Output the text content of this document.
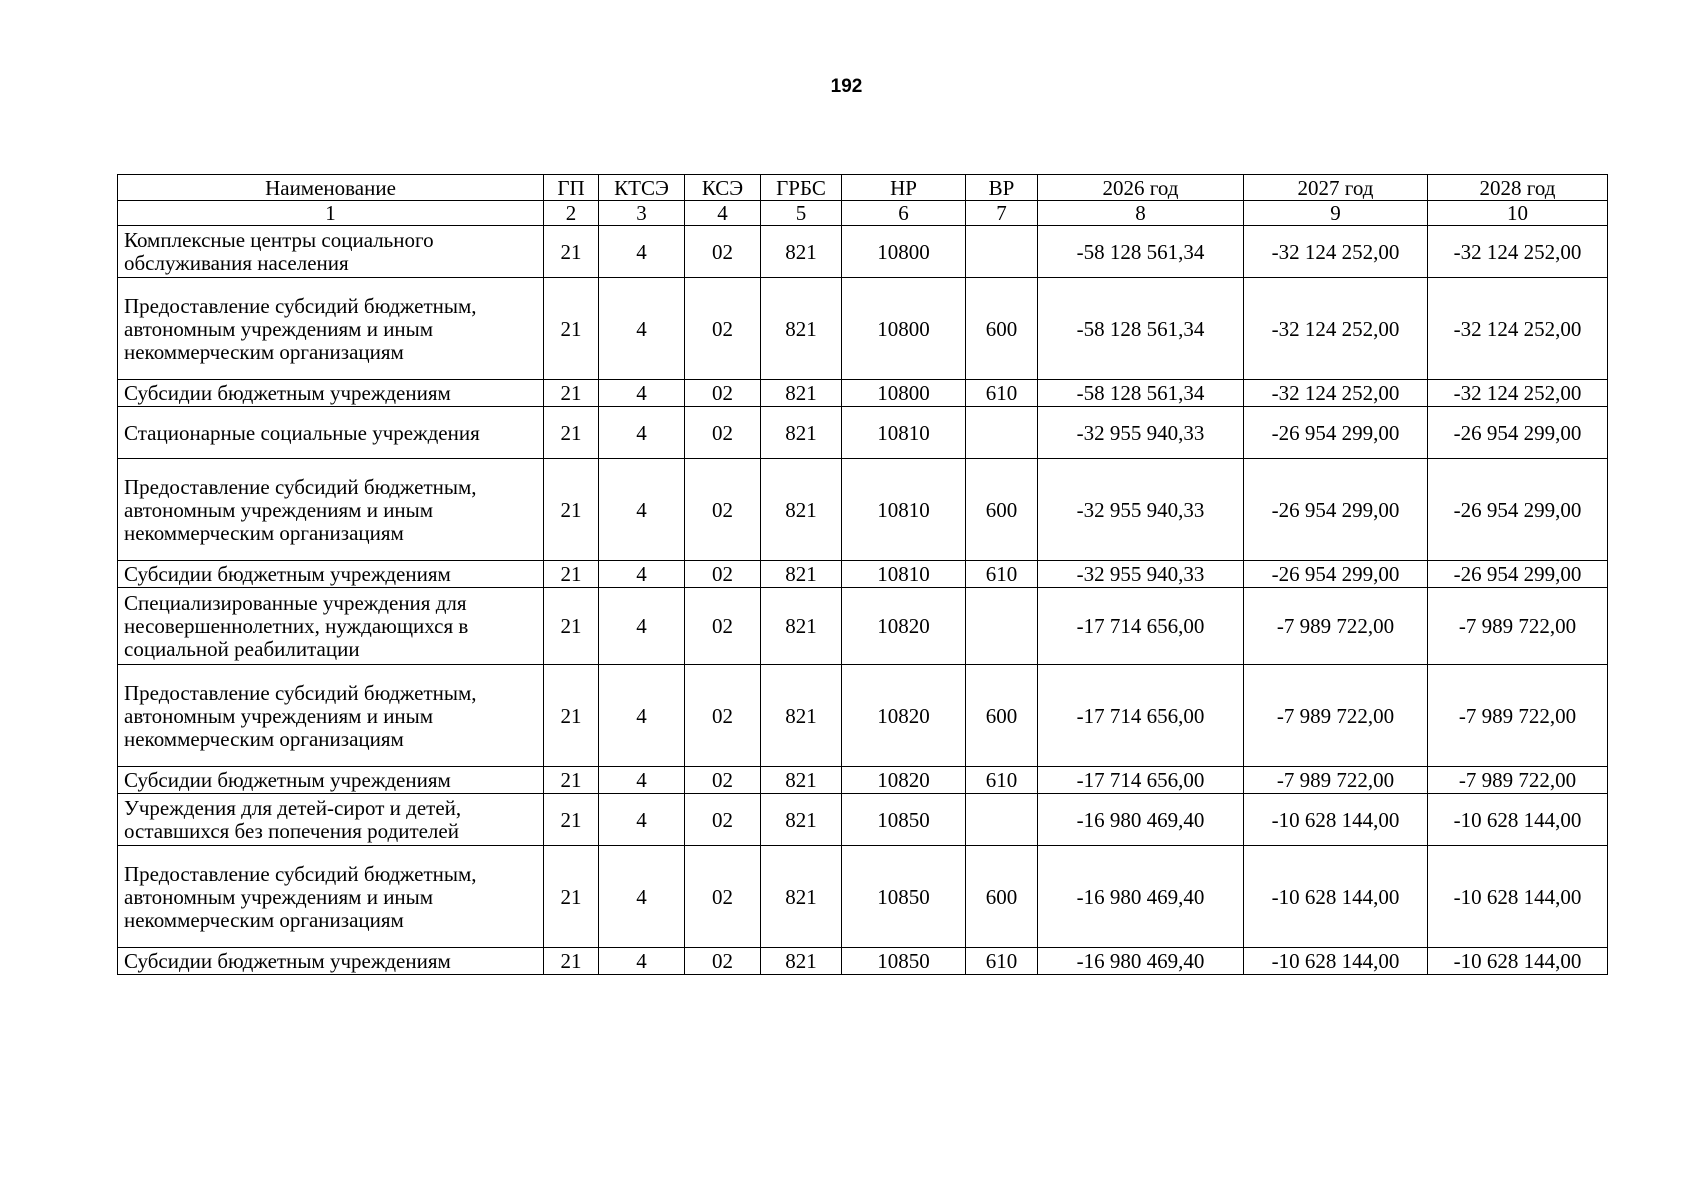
192
Наименование	ГП	КТСЭ	КСЭ	ГРБС	НР	ВР	2026 год	2027 год	2028 год
1	2	3	4	5	6	7	8	9	10
Комплексные центры социального обслуживания населения	21	4	02	821	10800		-58 128 561,34	-32 124 252,00	-32 124 252,00
Предоставление субсидий бюджетным, автономным учреждениям и иным некоммерческим организациям	21	4	02	821	10800	600	-58 128 561,34	-32 124 252,00	-32 124 252,00
Субсидии бюджетным учреждениям	21	4	02	821	10800	610	-58 128 561,34	-32 124 252,00	-32 124 252,00
Стационарные социальные учреждения	21	4	02	821	10810		-32 955 940,33	-26 954 299,00	-26 954 299,00
Предоставление субсидий бюджетным, автономным учреждениям и иным некоммерческим организациям	21	4	02	821	10810	600	-32 955 940,33	-26 954 299,00	-26 954 299,00
Субсидии бюджетным учреждениям	21	4	02	821	10810	610	-32 955 940,33	-26 954 299,00	-26 954 299,00
Специализированные учреждения для несовершеннолетних, нуждающихся в социальной реабилитации	21	4	02	821	10820		-17 714 656,00	-7 989 722,00	-7 989 722,00
Предоставление субсидий бюджетным, автономным учреждениям и иным некоммерческим организациям	21	4	02	821	10820	600	-17 714 656,00	-7 989 722,00	-7 989 722,00
Субсидии бюджетным учреждениям	21	4	02	821	10820	610	-17 714 656,00	-7 989 722,00	-7 989 722,00
Учреждения для детей-сирот и детей, оставшихся без попечения родителей	21	4	02	821	10850		-16 980 469,40	-10 628 144,00	-10 628 144,00
Предоставление субсидий бюджетным, автономным учреждениям и иным некоммерческим организациям	21	4	02	821	10850	600	-16 980 469,40	-10 628 144,00	-10 628 144,00
Субсидии бюджетным учреждениям	21	4	02	821	10850	610	-16 980 469,40	-10 628 144,00	-10 628 144,00
